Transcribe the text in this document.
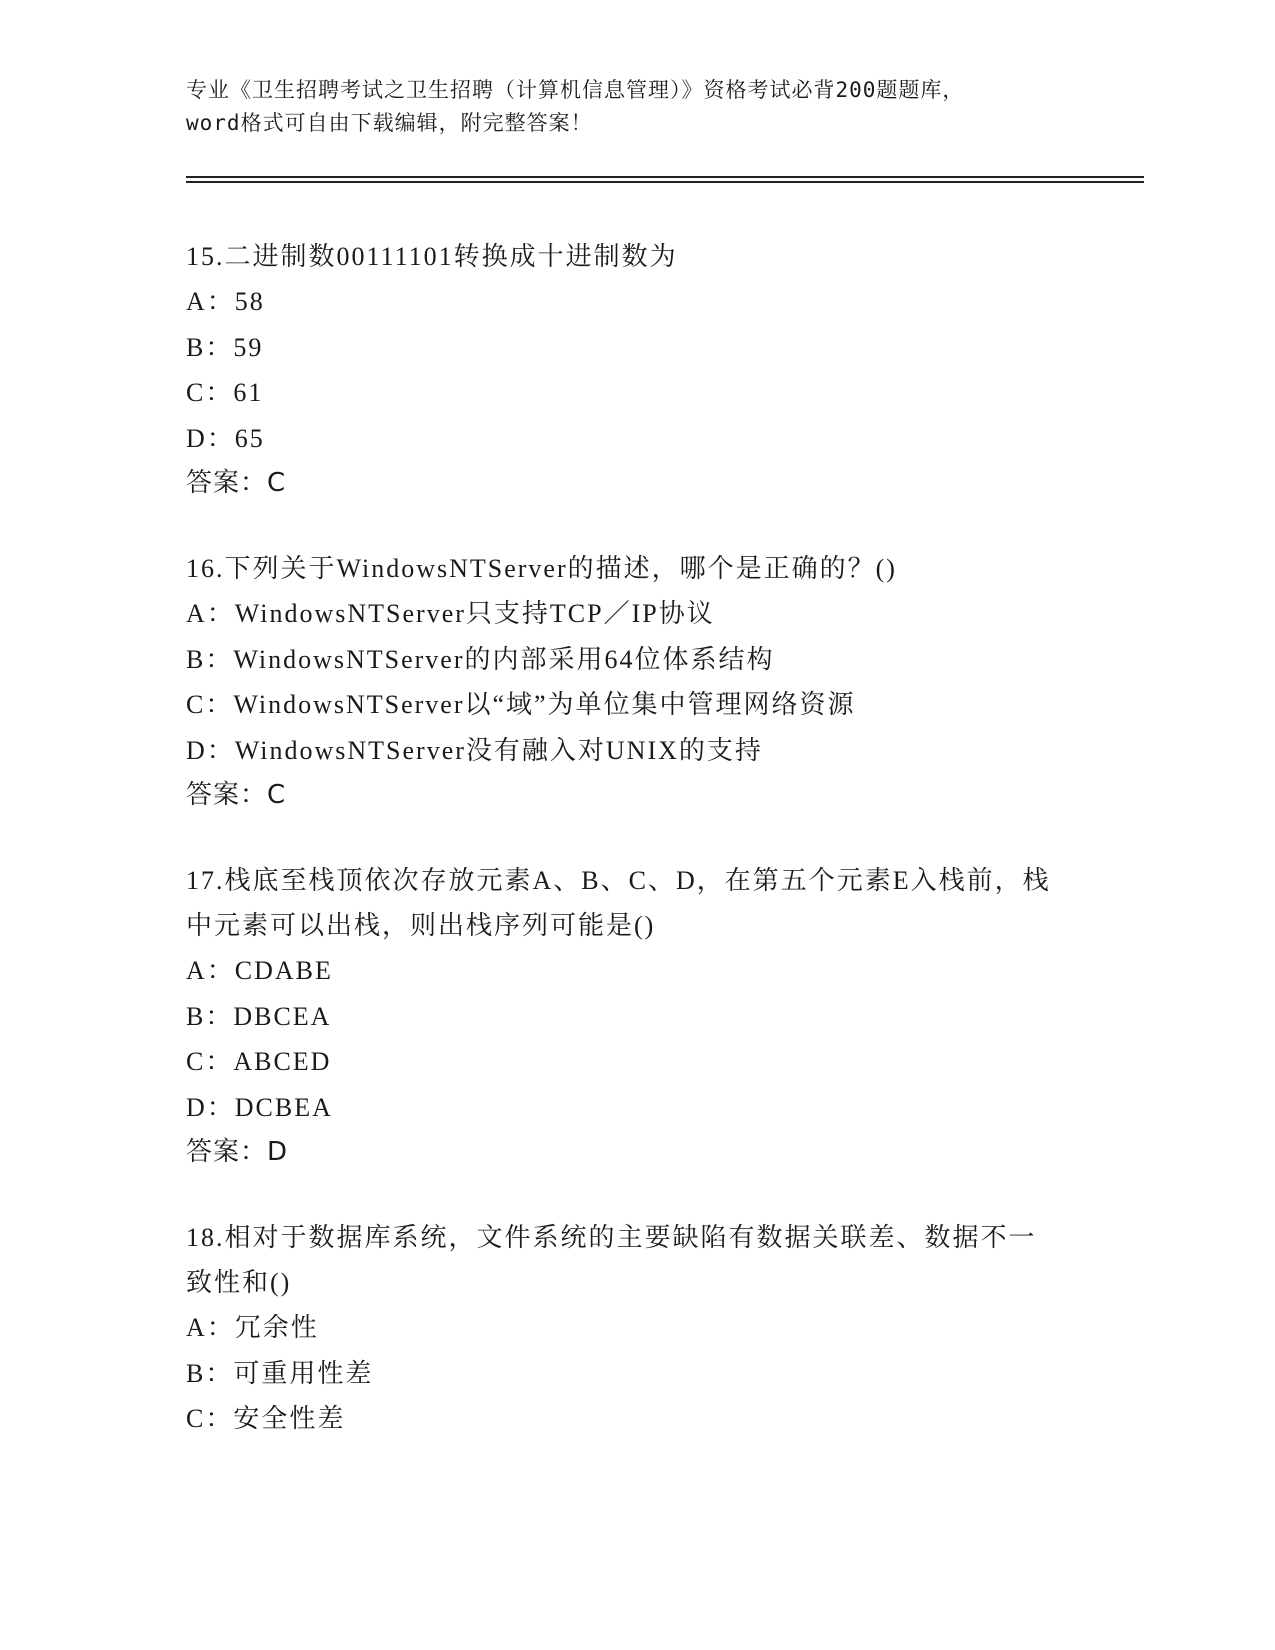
专业《卫生招聘考试之卫生招聘（计算机信息管理）》资格考试必背200题题库，
word格式可自由下载编辑，附完整答案！
15.二进制数00111101转换成十进制数为
A：58
B：59
C：61
D：65
答案：C
16.下列关于WindowsNTServer的描述，哪个是正确的？()
A：WindowsNTServer只支持TCP／IP协议
B：WindowsNTServer的内部采用64位体系结构
C：WindowsNTServer以“域”为单位集中管理网络资源
D：WindowsNTServer没有融入对UNIX的支持
答案：C
17.栈底至栈顶依次存放元素A、B、C、D，在第五个元素E入栈前，栈
中元素可以出栈，则出栈序列可能是()
A：CDABE
B：DBCEA
C：ABCED
D：DCBEA
答案：D
18.相对于数据库系统，文件系统的主要缺陷有数据关联差、数据不一
致性和()
A：冗余性
B：可重用性差
C：安全性差
